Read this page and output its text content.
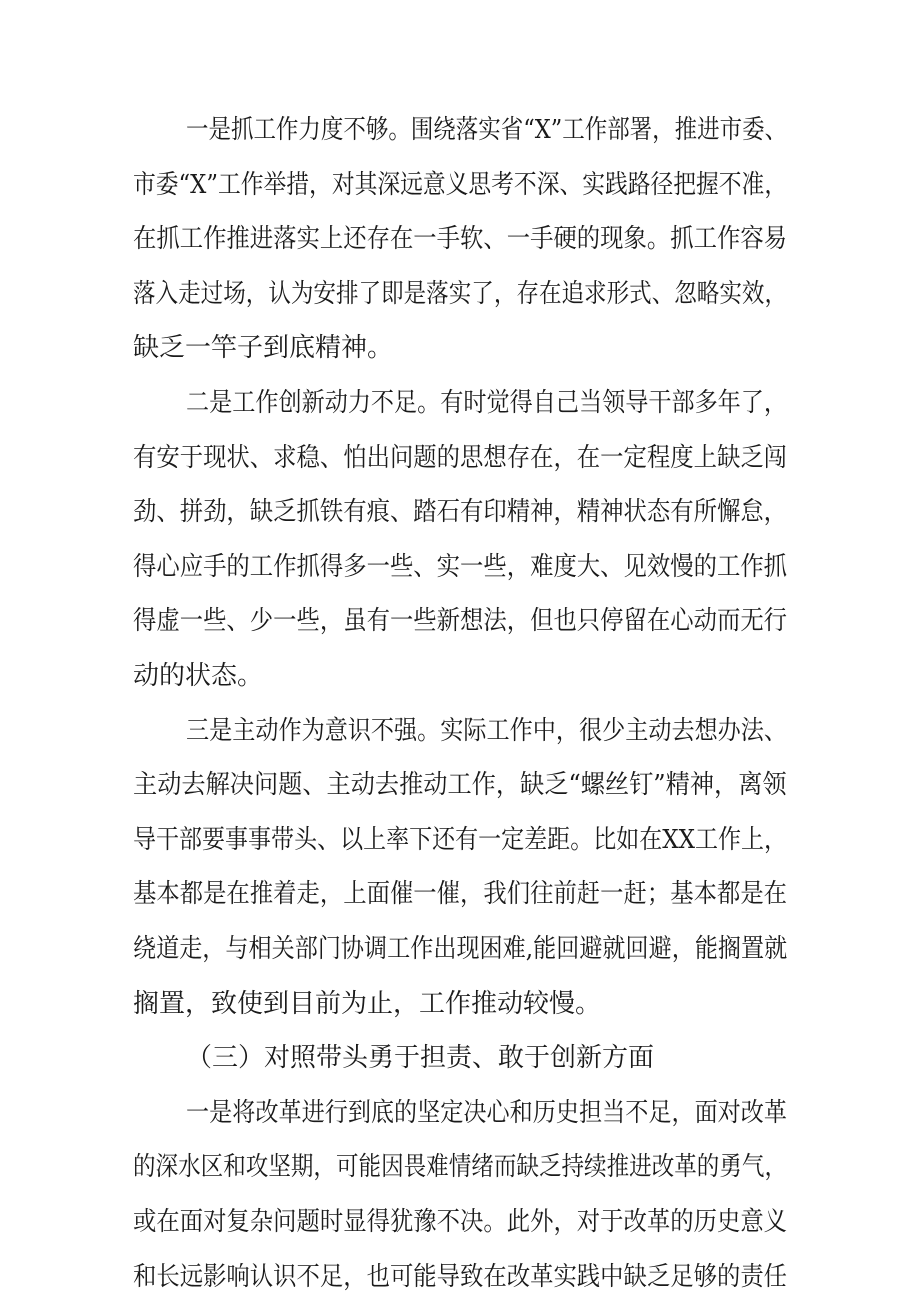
一是抓工作力度不够。围绕落实省“X”工作部署，推进市委、
市委“X”工作举措，对其深远意义思考不深、实践路径把握不准，
在抓工作推进落实上还存在一手软、一手硬的现象。抓工作容易
落入走过场，认为安排了即是落实了，存在追求形式、忽略实效，
缺乏一竿子到底精神。
二是工作创新动力不足。有时觉得自己当领导干部多年了，
有安于现状、求稳、怕出问题的思想存在，在一定程度上缺乏闯
劲、拼劲，缺乏抓铁有痕、踏石有印精神，精神状态有所懈怠，
得心应手的工作抓得多一些、实一些，难度大、见效慢的工作抓
得虚一些、少一些，虽有一些新想法，但也只停留在心动而无行
动的状态。
三是主动作为意识不强。实际工作中，很少主动去想办法、
主动去解决问题、主动去推动工作，缺乏“螺丝钉”精神，离领
导干部要事事带头、以上率下还有一定差距。比如在XX工作上，
基本都是在推着走，上面催一催，我们往前赶一赶；基本都是在
绕道走，与相关部门协调工作出现困难,能回避就回避，能搁置就
搁置，致使到目前为止，工作推动较慢。
（三）对照带头勇于担责、敢于创新方面
一是将改革进行到底的坚定决心和历史担当不足，面对改革
的深水区和攻坚期，可能因畏难情绪而缺乏持续推进改革的勇气，
或在面对复杂问题时显得犹豫不决。此外，对于改革的历史意义
和长远影响认识不足，也可能导致在改革实践中缺乏足够的责任
